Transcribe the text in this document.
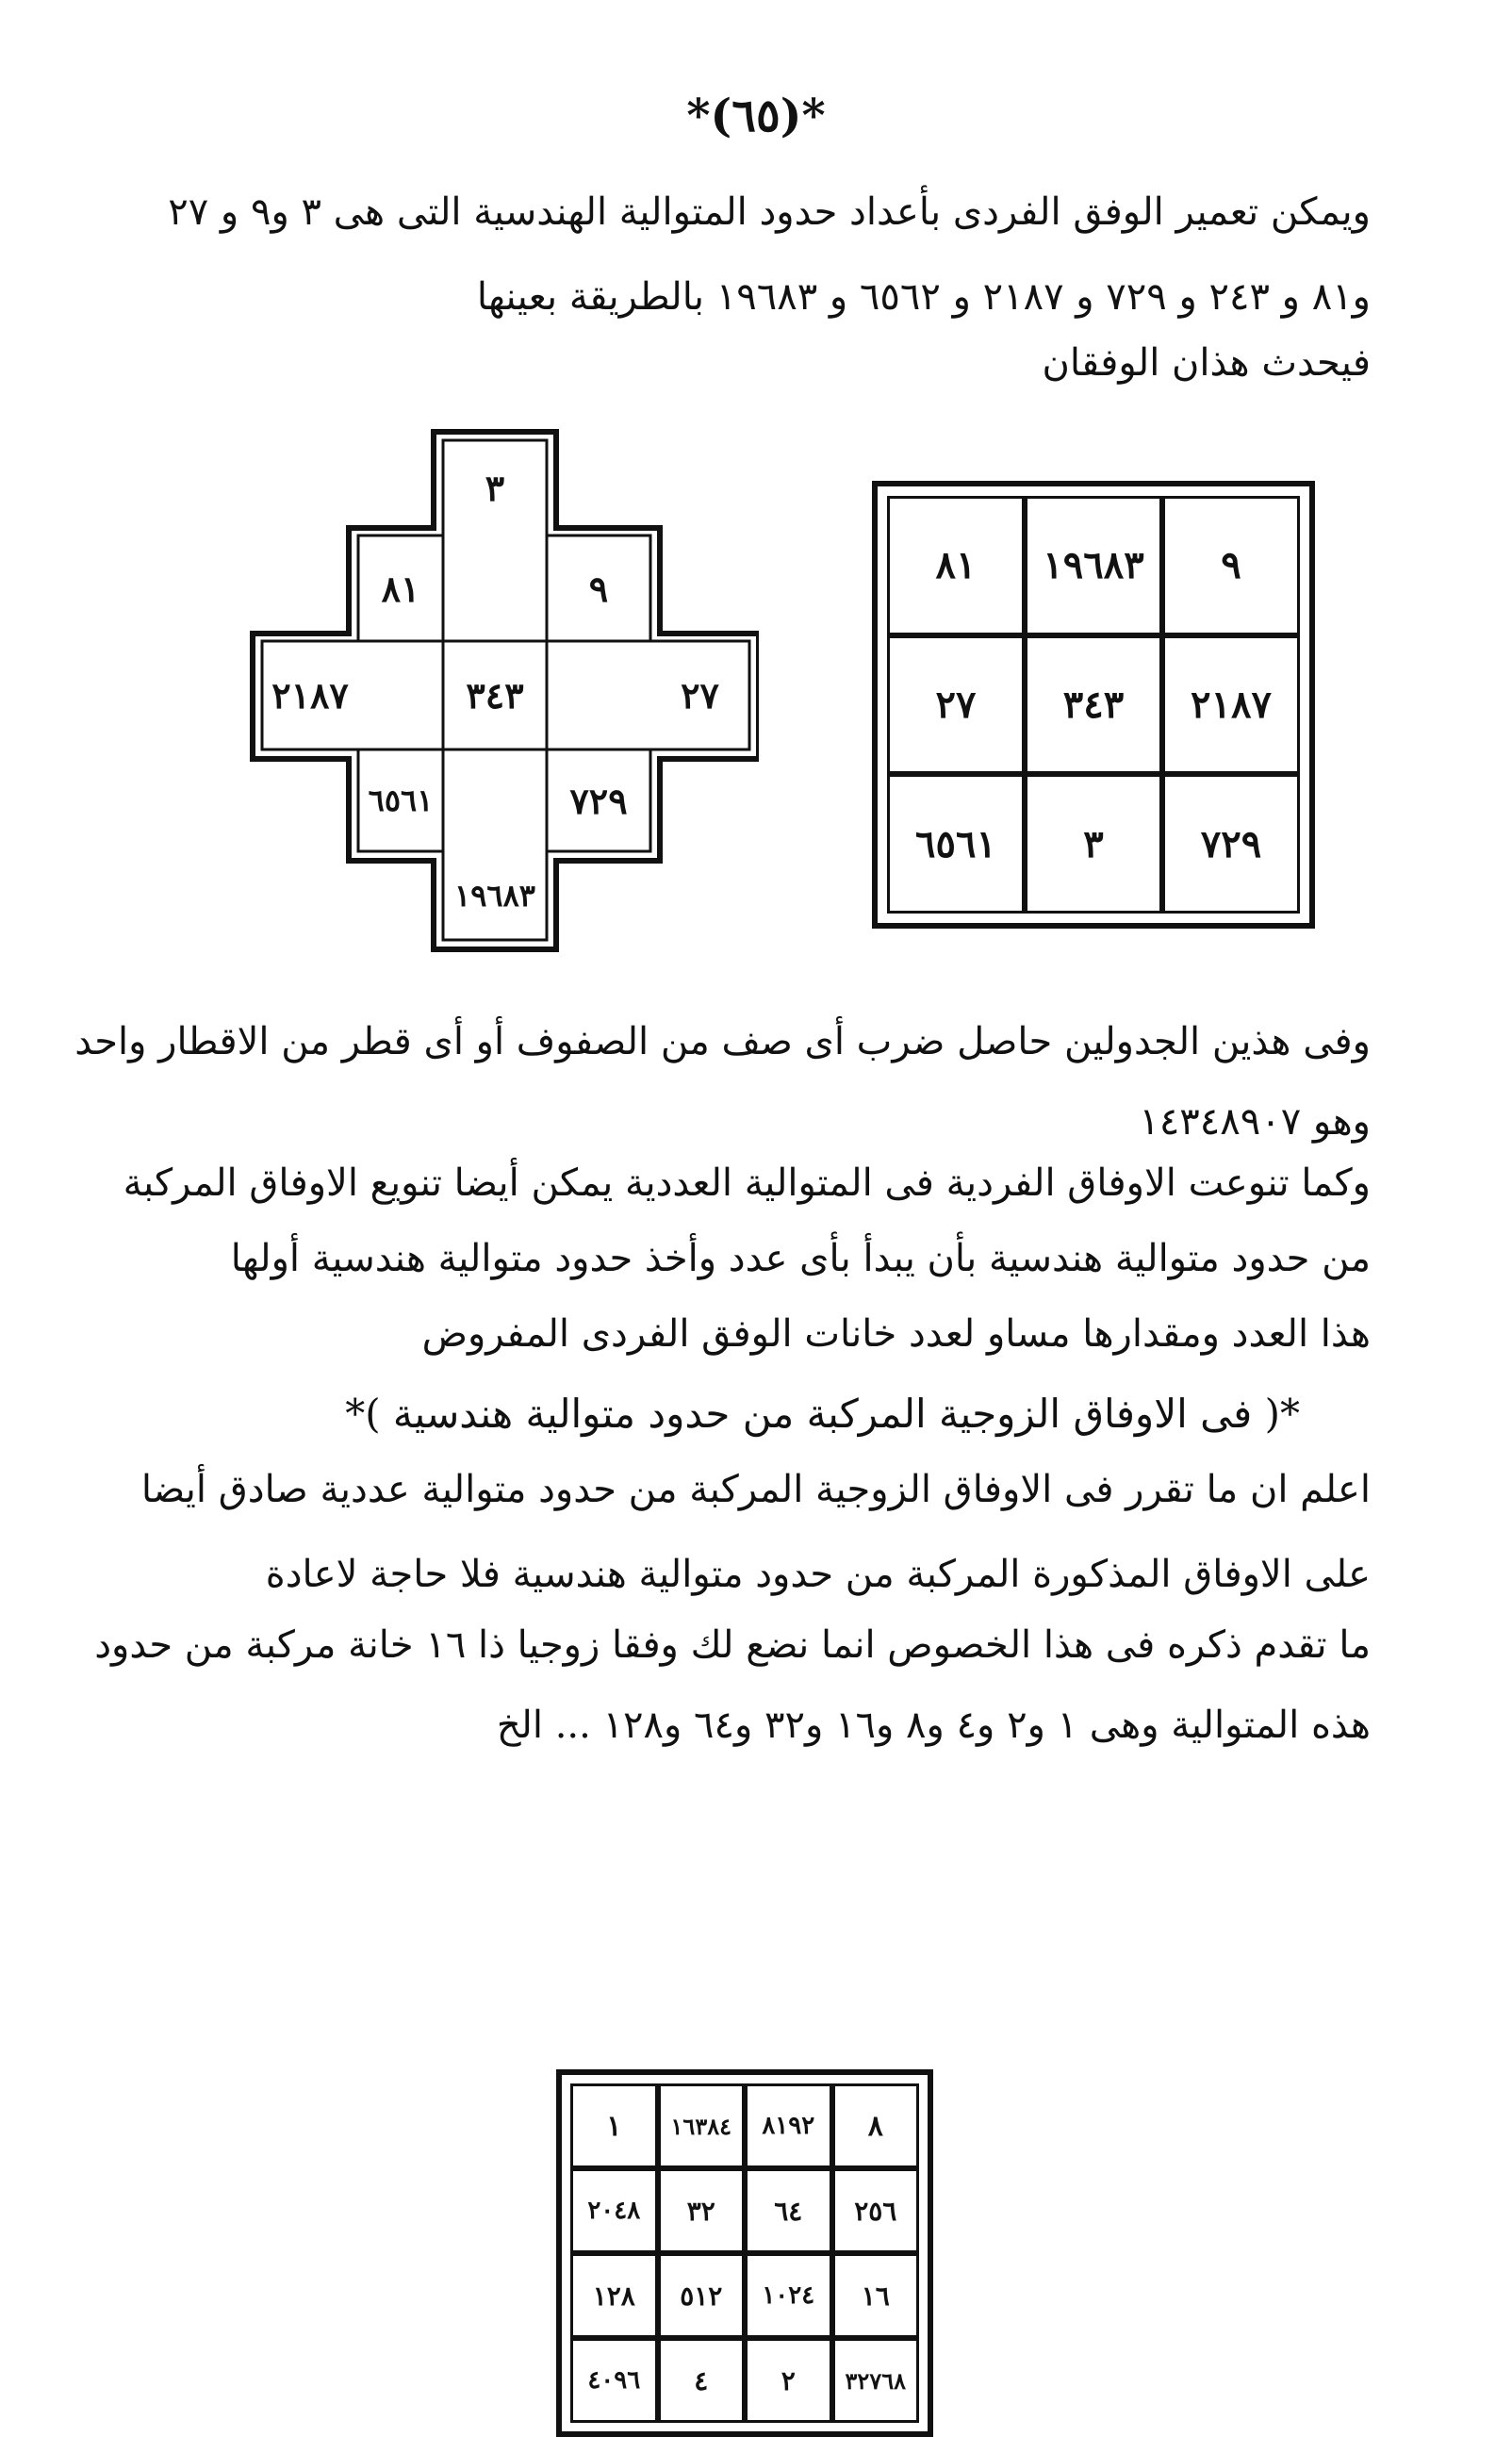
*(٦٥)*
ويمكن تعمير الوفق الفردى بأعداد حدود المتوالية الهندسية التى هى ٣ و٩ و ٢٧
و٨١ و ٢٤٣ و ٧٢٩ و ٢١٨٧ و ٦٥٦٢ و ١٩٦٨٣ بالطريقة بعينها
فيحدث هذان الوفقان
٣
٩
٨١
٢٧
٣٤٣
٢١٨٧
٧٢٩
٦٥٦١
١٩٦٨٣
٩
١٩٦٨٣
٨١
٢١٨٧
٣٤٣
٢٧
٧٢٩
٣
٦٥٦١
وفى هذين الجدولين حاصل ضرب أى صف من الصفوف أو أى قطر من الاقطار واحد
وهو ١٤٣٤٨٩٠٧
وكما تنوعت الاوفاق الفردية فى المتوالية العددية يمكن أيضا تنويع الاوفاق المركبة
من حدود متوالية هندسية بأن يبدأ بأى عدد وأخذ حدود متوالية هندسية أولها
هذا العدد ومقدارها مساو لعدد خانات الوفق الفردى المفروض
*( فى الاوفاق الزوجية المركبة من حدود متوالية هندسية )*
اعلم ان ما تقرر فى الاوفاق الزوجية المركبة من حدود متوالية عددية صادق أيضا
على الاوفاق المذكورة المركبة من حدود متوالية هندسية فلا حاجة لاعادة
ما تقدم ذكره فى هذا الخصوص انما نضع لك وفقا زوجيا ذا ١٦ خانة مركبة من حدود
هذه المتوالية وهى ١ و٢ و٤ و٨ و١٦ و٣٢ و٦٤ و١٢٨ ... الخ
٨
٨١٩٢
١٦٣٨٤
١
٢٥٦
٦٤
٣٢
٢٠٤٨
١٦
١٠٢٤
٥١٢
١٢٨
٣٢٧٦٨
٢
٤
٤٠٩٦
